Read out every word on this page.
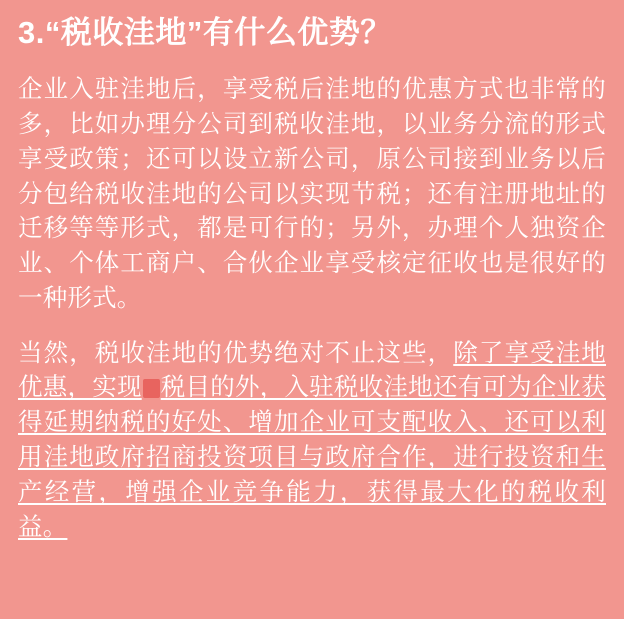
3.“税收洼地”有什么优势？

企业入驻洼地后，享受税后洼地的优惠方式也非常的多，比如办理分公司到税收洼地，以业务分流的形式享受政策；还可以设立新公司，原公司接到业务以后分包给税收洼地的公司以实现节税；还有注册地址的迁移等等形式，都是可行的；另外，办理个人独资企业、个体工商户、合伙企业享受核定征收也是很好的一种形式。

当然，税收洼地的优势绝对不止这些，除了享受洼地优惠，实现 税目的外，入驻税收洼地还有可为企业获得延期纳税的好处、增加企业可支配收入、还可以利用洼地政府招商投资项目与政府合作，进行投资和生产经营，增强企业竞争能力，获得最大化的税收利益。
